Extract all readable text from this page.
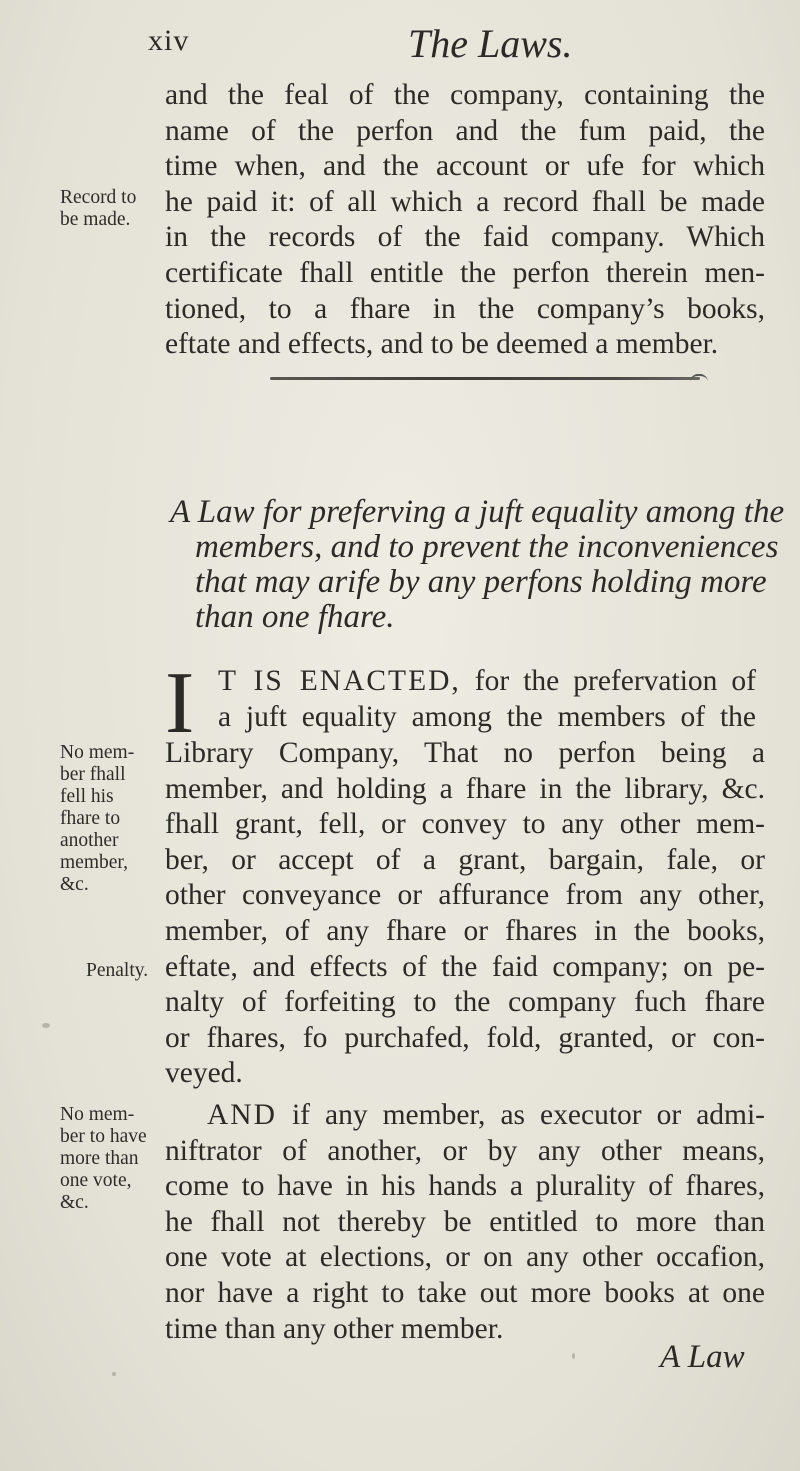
xiv	The Laws.
and the feal of the company, containing the
name of the perfon and the fum paid, the
time when, and the account or ufe for which
he paid it: of all which a record fhall be made
in the records of the faid company. Which
certificate fhall entitle the perfon therein men-
tioned, to a fhare in the company’s books,
eftate and effects, and to be deemed a member.
Record to
be made.
A Law for preferving a juft equality among the
members, and to prevent the inconveniences
that may arife by any perfons holding more
than one fhare.
I T IS ENACTED, for the prefervation of
a juft equality among the members of the
Library Company, That no perfon being a
member, and holding a fhare in the library, &c.
fhall grant, fell, or convey to any other mem-
ber, or accept of a grant, bargain, fale, or
other conveyance or affurance from any other,
member, of any fhare or fhares in the books,
eftate, and effects of the faid company; on pe-
nalty of forfeiting to the company fuch fhare
or fhares, fo purchafed, fold, granted, or con-
veyed.
No mem-
ber fhall
fell his
fhare to
another
member,
&c.
Penalty.
AND if any member, as executor or admi-
niftrator of another, or by any other means,
come to have in his hands a plurality of fhares,
he fhall not thereby be entitled to more than
one vote at elections, or on any other occafion,
nor have a right to take out more books at one
time than any other member.
No mem-
ber to have
more than
one vote,
&c.
A Law
